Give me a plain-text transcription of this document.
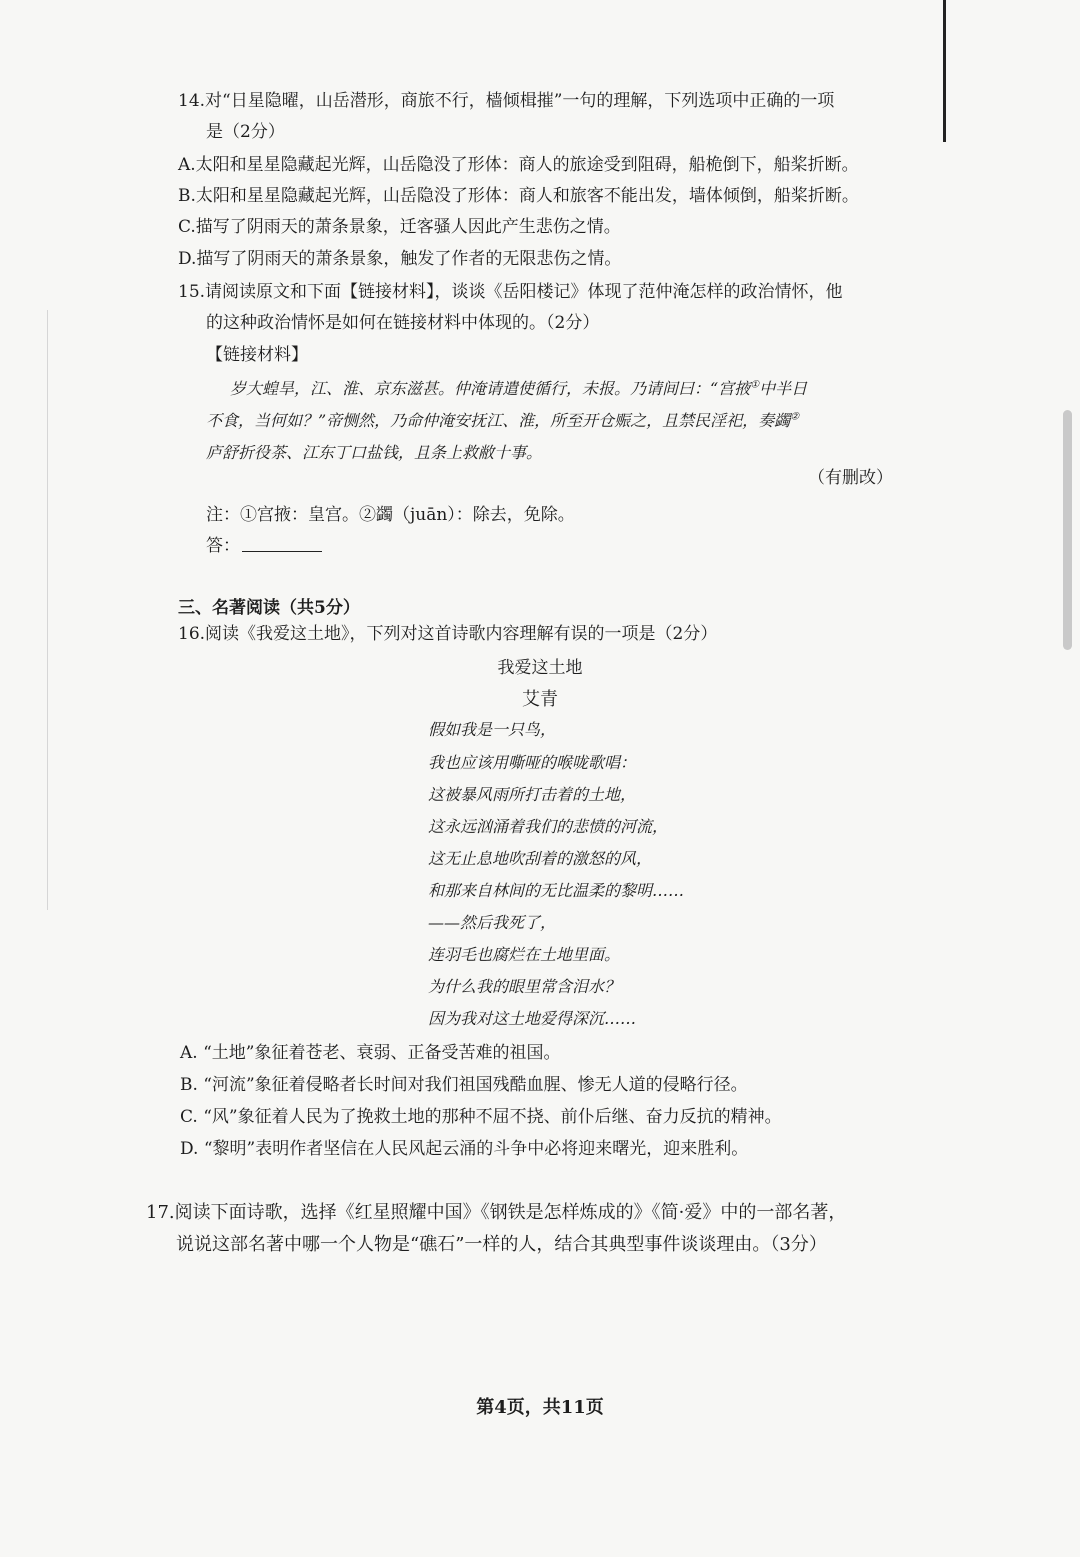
14.对“日星隐曜，山岳潜形，商旅不行，樯倾楫摧”一句的理解，下列选项中正确的一项
是（2分）
A.太阳和星星隐藏起光辉，山岳隐没了形体：商人的旅途受到阻碍，船桅倒下，船桨折断。
B.太阳和星星隐藏起光辉，山岳隐没了形体：商人和旅客不能出发，墙体倾倒，船桨折断。
C.描写了阴雨天的萧条景象，迁客骚人因此产生悲伤之情。
D.描写了阴雨天的萧条景象，触发了作者的无限悲伤之情。
15.请阅读原文和下面【链接材料】，谈谈《岳阳楼记》体现了范仲淹怎样的政治情怀，他
的这种政治情怀是如何在链接材料中体现的。（2分）
【链接材料】
岁大蝗旱，江、淮、京东滋甚。仲淹请遣使循行，未报。乃请间曰：“宫掖①中半日
不食，当何如？”帝恻然，乃命仲淹安抚江、淮，所至开仓赈之，且禁民淫祀，奏蠲②
庐舒折役茶、江东丁口盐钱，且条上救敝十事。
（有删改）
注：①宫掖：皇宫。②蠲（juān）：除去，免除。
答：
三、名著阅读（共5分）
16.阅读《我爱这土地》，下列对这首诗歌内容理解有误的一项是（2分）
我爱这土地
艾青
假如我是一只鸟，
我也应该用嘶哑的喉咙歌唱：
这被暴风雨所打击着的土地，
这永远汹涌着我们的悲愤的河流，
这无止息地吹刮着的激怒的风，
和那来自林间的无比温柔的黎明……
——然后我死了，
连羽毛也腐烂在土地里面。
为什么我的眼里常含泪水？
因为我对这土地爱得深沉……
A. “土地”象征着苍老、衰弱、正备受苦难的祖国。
B. “河流”象征着侵略者长时间对我们祖国残酷血腥、惨无人道的侵略行径。
C. “风”象征着人民为了挽救土地的那种不屈不挠、前仆后继、奋力反抗的精神。
D. “黎明”表明作者坚信在人民风起云涌的斗争中必将迎来曙光，迎来胜利。
17.阅读下面诗歌，选择《红星照耀中国》《钢铁是怎样炼成的》《简·爱》中的一部名著，
说说这部名著中哪一个人物是“礁石”一样的人，结合其典型事件谈谈理由。（3分）
第4页，共11页
